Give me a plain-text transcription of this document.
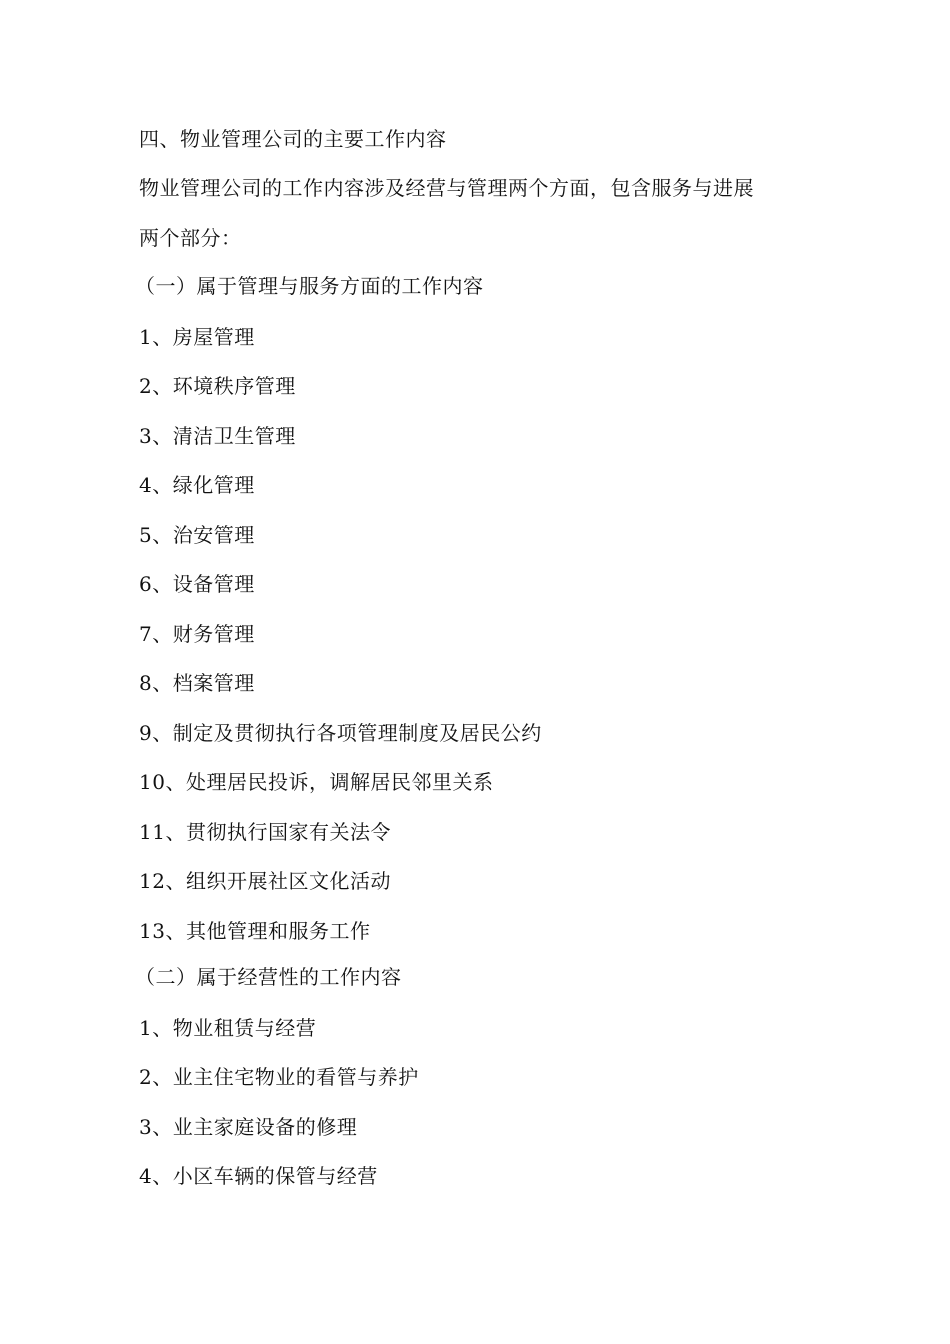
四、物业管理公司的主要工作内容
物业管理公司的工作内容涉及经营与管理两个方面，包含服务与进展
两个部分：
（一）属于管理与服务方面的工作内容
1、房屋管理
2、环境秩序管理
3、清洁卫生管理
4、绿化管理
5、治安管理
6、设备管理
7、财务管理
8、档案管理
9、制定及贯彻执行各项管理制度及居民公约
10、处理居民投诉，调解居民邻里关系
11、贯彻执行国家有关法令
12、组织开展社区文化活动
13、其他管理和服务工作
（二）属于经营性的工作内容
1、物业租赁与经营
2、业主住宅物业的看管与养护
3、业主家庭设备的修理
4、小区车辆的保管与经营
